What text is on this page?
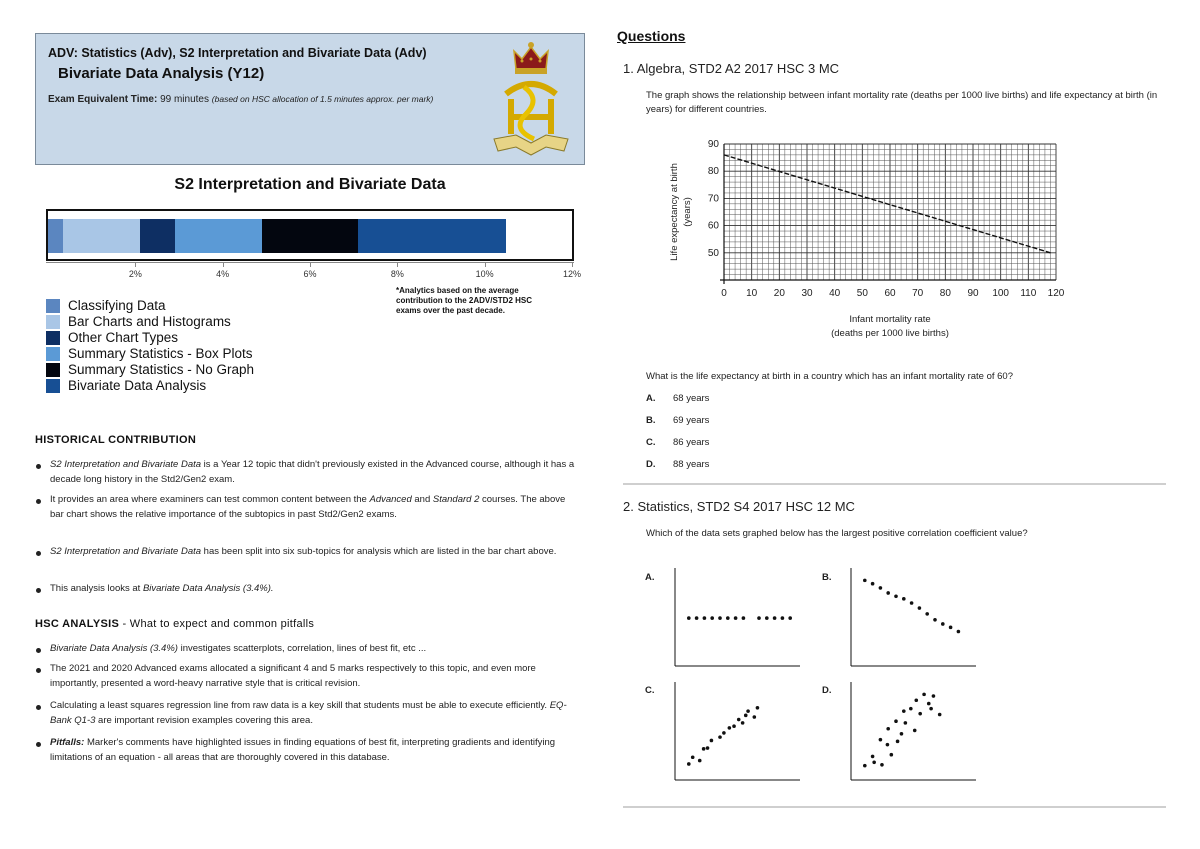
ADV: Statistics (Adv), S2 Interpretation and Bivariate Data (Adv)
Bivariate Data Analysis (Y12)
Exam Equivalent Time: 99 minutes (based on HSC allocation of 1.5 minutes approx. per mark)
S2 Interpretation and Bivariate Data
2%	4%	6%	8%	10%	12%
*Analytics based on the average contribution to the 2ADV/STD2 HSC exams over the past decade.
Classifying Data
Bar Charts and Histograms
Other Chart Types
Summary Statistics - Box Plots
Summary Statistics - No Graph
Bivariate Data Analysis
HISTORICAL CONTRIBUTION
S2 Interpretation and Bivariate Data is a Year 12 topic that didn't previously existed in the Advanced course, although it has a decade long history in the Std2/Gen2 exam.
It provides an area where examiners can test common content between the Advanced and Standard 2 courses. The above bar chart shows the relative importance of the subtopics in past Std2/Gen2 exams.
S2 Interpretation and Bivariate Data has been split into six sub-topics for analysis which are listed in the bar chart above.
This analysis looks at Bivariate Data Analysis (3.4%).
HSC ANALYSIS - What to expect and common pitfalls
Bivariate Data Analysis (3.4%) investigates scatterplots, correlation, lines of best fit, etc ...
The 2021 and 2020 Advanced exams allocated a significant 4 and 5 marks respectively to this topic, and even more importantly, presented a word-heavy narrative style that is critical revision.
Calculating a least squares regression line from raw data is a key skill that students must be able to execute efficiently. EQ-Bank Q1-3 are important revision examples covering this area.
Pitfalls: Marker's comments have highlighted issues in finding equations of best fit, interpreting gradients and identifying limitations of an equation - all areas that are thoroughly covered in this database.
Questions
1. Algebra, STD2 A2 2017 HSC 3 MC
The graph shows the relationship between infant mortality rate (deaths per 1000 live births) and life expectancy at birth (in years) for different countries.
0 10 20 30 40 50 60 70 80 90 100 110 120
50
60
70
80
90
Infant mortality rate
(deaths per 1000 live births)
Life expectancy at birth (years)
What is the life expectancy at birth in a country which has an infant mortality rate of 60?
A. 68 years
B. 69 years
C. 86 years
D. 88 years
2. Statistics, STD2 S4 2017 HSC 12 MC
Which of the data sets graphed below has the largest positive correlation coefficient value?
A.	B.
C.	D.
